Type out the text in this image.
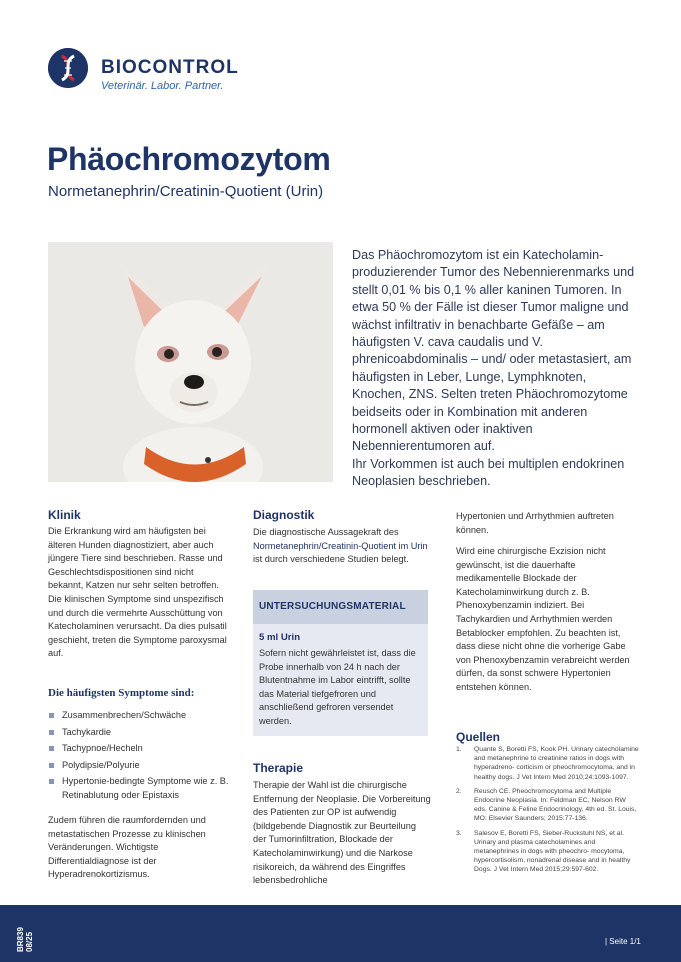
BIOCONTROL
Veterinär. Labor. Partner.
Phäochromozytom
Normetanephrin/Creatinin-Quotient (Urin)

Das Phäochromozytom ist ein Katecholamin-produzierender Tumor des Nebennierenmarks und stellt 0,01 % bis 0,1 % aller kaninen Tumoren. In etwa 50 % der Fälle ist dieser Tumor maligne und wächst infiltrativ in benachbarte Gefäße – am häufigsten V. cava caudalis und V. phrenicoabdominalis – und/ oder metastasiert, am häufigsten in Leber, Lunge, Lymphknoten, Knochen, ZNS. Selten treten Phäochromozytome beidseits oder in Kombination mit anderen hormonell aktiven oder inaktiven Nebennierentumoren auf.

Ihr Vorkommen ist auch bei multiplen endokrinen Neoplasien beschrieben.

Klinik
Die Erkrankung wird am häufigsten bei älteren Hunden diagnostiziert, aber auch jüngere Tiere sind beschrieben. Rasse und Geschlechtsdispositionen sind nicht bekannt, Katzen nur sehr selten betroffen. Die klinischen Symptome sind unspezifisch und durch die vermehrte Ausschüttung von Katecholaminen verursacht. Da dies pulsatil geschieht, treten die Symptome paroxysmal auf.
Die häufigsten Symptome sind:
Zusammenbrechen/Schwäche
Tachykardie
Tachypnoe/Hecheln
Polydipsie/Polyurie
Hypertonie-bedingte Symptome wie z. B. Retinablutung oder Epistaxis
Zudem führen die raumfordernden und metastatischen Prozesse zu klinischen Veränderungen. Wichtigste Differentialdiagnose ist der Hyperadrenokortizismus.
Diagnostik
Die diagnostische Aussagekraft des Normetanephrin/Creatinin-Quotient im Urin ist durch verschiedene Studien belegt.
UNTERSUCHUNGSMATERIAL
5 ml Urin
Sofern nicht gewährleistet ist, dass die Probe innerhalb von 24 h nach der Blutentnahme im Labor eintrifft, sollte das Material tiefgefroren und anschließend gefroren versendet werden.
Therapie
Therapie der Wahl ist die chirurgische Entfernung der Neoplasie. Die Vorbereitung des Patienten zur OP ist aufwendig (bildgebende Diagnostik zur Beurteilung der Tumorinfiltration, Blockade der Katecholaminwirkung) und die Narkose risikoreich, da während des Eingriffes lebensbedrohliche
Hypertonien und Arrhythmien auftreten können.
Wird eine chirurgische Exzision nicht gewünscht, ist die dauerhafte medikamentelle Blockade der Katecholaminwirkung durch z. B. Phenoxybenzamin indiziert. Bei Tachykardien und Arrhythmien werden Betablocker empfohlen. Zu beachten ist, dass diese nicht ohne die vorherige Gabe von Phenoxybenzamin verabreicht werden dürfen, da sonst schwere Hypertonien entstehen können.
Quellen
1. Quante S, Boretti FS, Kook PH. Urinary catecholamine and metanephrine to creatinine ratios in dogs with hyperadreno- corticism or pheochromocytoma, and in healthy dogs. J Vet Intern Med 2010;24:1093-1097.
2. Reusch CE. Pheochromocytoma and Multiple Endocrine Neoplasia. In: Feldman EC, Nelson RW eds. Canine & Feline Endocrinology, 4th ed. St. Louis, MO: Elsevier Saunders; 2015:77-136.
3. Salesov E, Boretti FS, Sieber-Ruckstuhl NS, et al. Urinary and plasma catecholamines and metanephrines in dogs with pheochro- mocytoma, hypercortisolism, nonadrenal disease and in healthy Dogs. J Vet Intern Med 2015;29:597-602.
BR839 08/25	| Seite 1/1
